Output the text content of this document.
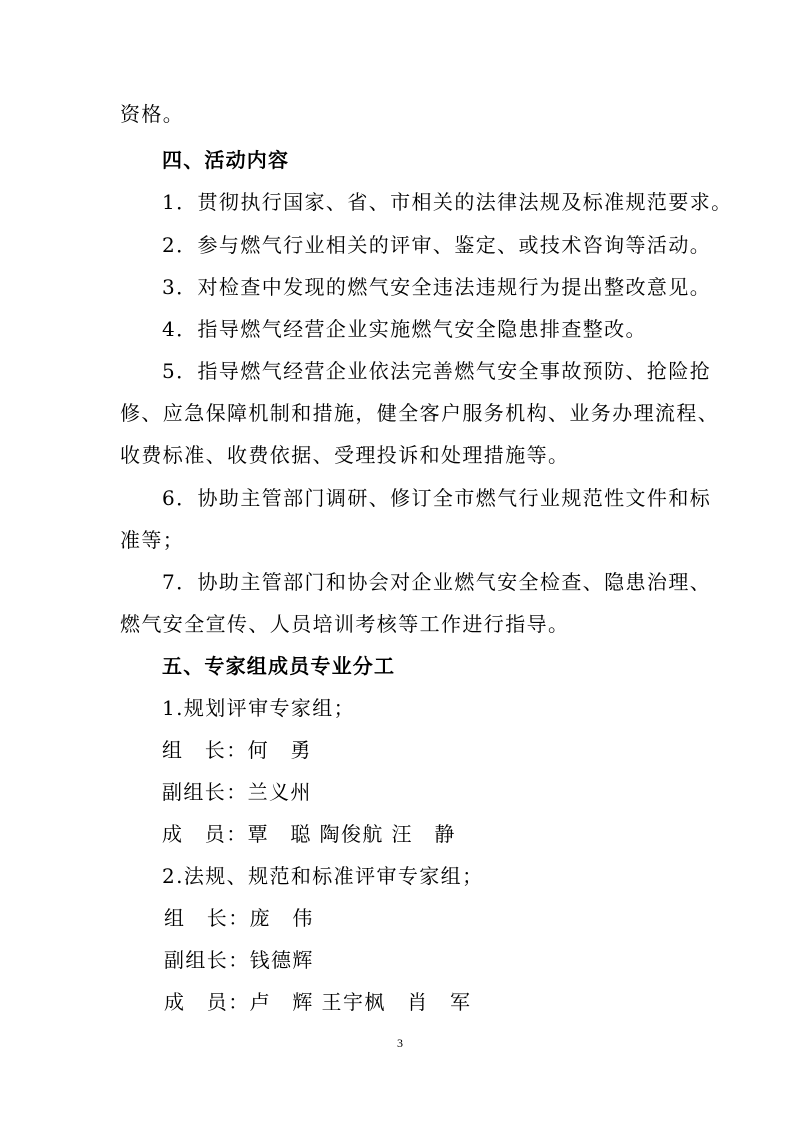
资格。
四、活动内容
1．贯彻执行国家、省、市相关的法律法规及标准规范要求。
2．参与燃气行业相关的评审、鉴定、或技术咨询等活动。
3．对检查中发现的燃气安全违法违规行为提出整改意见。
4．指导燃气经营企业实施燃气安全隐患排查整改。
5．指导燃气经营企业依法完善燃气安全事故预防、抢险抢
修、应急保障机制和措施，健全客户服务机构、业务办理流程、
收费标准、收费依据、受理投诉和处理措施等。
6．协助主管部门调研、修订全市燃气行业规范性文件和标
准等；
7．协助主管部门和协会对企业燃气安全检查、隐患治理、
燃气安全宣传、人员培训考核等工作进行指导。
五、专家组成员专业分工
1.规划评审专家组；
组　长：何　勇
副组长：兰义州
成　员：覃　聪 陶俊航 汪　静
2.法规、规范和标准评审专家组；
组　长：庞　伟
副组长：钱德辉
成　员：卢　辉 王宇枫　肖　军
3
